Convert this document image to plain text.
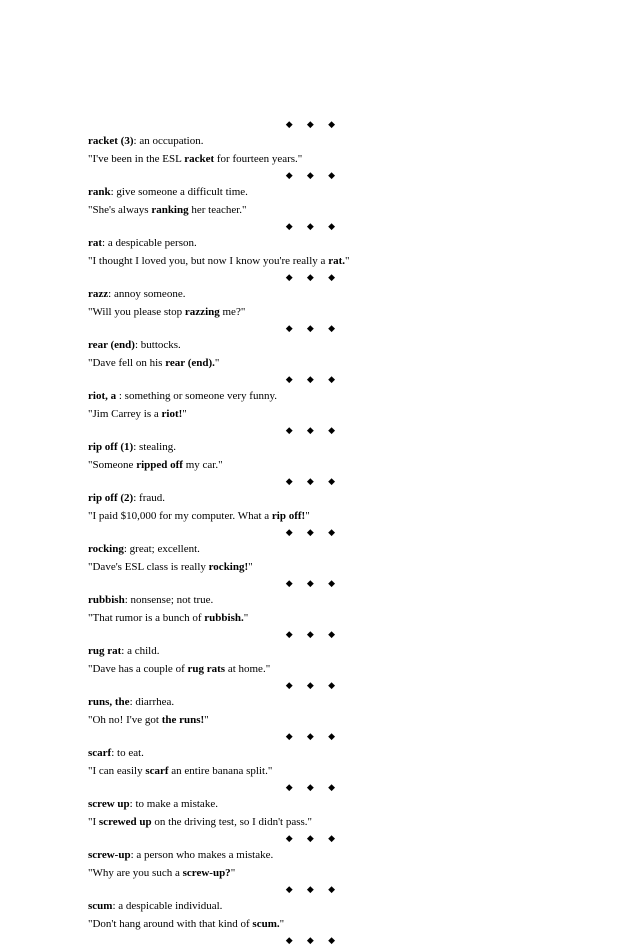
◆ ◆ ◆
racket (3): an occupation.
"I've been in the ESL racket for fourteen years."
◆ ◆ ◆
rank: give someone a difficult time.
"She's always ranking her teacher."
◆ ◆ ◆
rat: a despicable person.
"I thought I loved you, but now I know you're really a rat."
◆ ◆ ◆
razz: annoy someone.
"Will you please stop razzing me?"
◆ ◆ ◆
rear (end): buttocks.
"Dave fell on his rear (end)."
◆ ◆ ◆
riot, a : something or someone very funny.
"Jim Carrey is a riot!"
◆ ◆ ◆
rip off (1): stealing.
"Someone ripped off my car."
◆ ◆ ◆
rip off (2): fraud.
"I paid $10,000 for my computer. What a rip off!"
◆ ◆ ◆
rocking: great; excellent.
"Dave's ESL class is really rocking!"
◆ ◆ ◆
rubbish: nonsense; not true.
"That rumor is a bunch of rubbish."
◆ ◆ ◆
rug rat: a child.
"Dave has a couple of rug rats at home."
◆ ◆ ◆
runs, the: diarrhea.
"Oh no! I've got the runs!"
◆ ◆ ◆
scarf: to eat.
"I can easily scarf an entire banana split."
◆ ◆ ◆
screw up: to make a mistake.
"I screwed up on the driving test, so I didn't pass."
◆ ◆ ◆
screw-up: a person who makes a mistake.
"Why are you such a screw-up?"
◆ ◆ ◆
scum: a despicable individual.
"Don't hang around with that kind of scum."
◆ ◆ ◆
